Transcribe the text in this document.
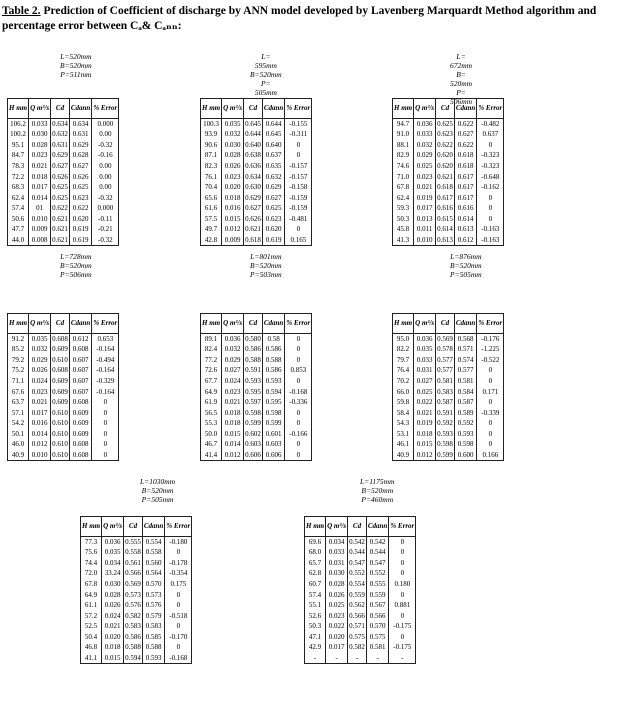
Table 2. Prediction of Coefficient of discharge by ANN model developed by Lavenberg Marquardt Method algorithm and percentage error between Cₐ& Cₐₙₙ:
L=520mm
B=520mm
P=511mm
H mm	Q m³/s	Cd	Cdann	% Error
106.2	0.033	0.634	0.634	0.000
100.2	0.030	0.632	0.631	0.00
95.1	0.028	0.631	0.629	-0.32
84.7	0.023	0.629	0.628	-0.16
78.3	0.021	0.627	0.627	0.00
72.2	0.018	0.626	0.626	0.00
68.3	0.017	0.625	0.625	0.00
62.4	0.014	0.625	0.623	-0.32
57.4	01	0.622	0.622	0.000
50.6	0.010	0.621	0.620	-0.11
47.7	0.009	0.621	0.619	-0.21
44.0	0.008	0.621	0.619	-0.32
L= 595mm
B=520mm
P= 505mm
H mm	Q m³/s	Cd	Cdann	% Error
100.3	0.035	0.645	0.644	-0.155
93.9	0.032	0.644	0.645	-0.311
90.6	0.030	0.640	0.640	0
87.1	0.028	0.638	0.637	0
82.3	0.026	0.636	0.635	-0.157
76.1	0.023	0.634	0.632	-0.157
70.4	0.020	0.630	0.629	-0.158
65.6	0.018	0.629	0.627	-0.159
61.6	0.016	0.627	0.625	-0.159
57.5	0.015	0.626	0.623	-0.481
49.7	0.012	0.621	0.620	0
42.8	0.009	0.618	0.619	0.165
L= 672mm
B= 520mm
P= 506mm
H mm	Q m³/s	Cd	Cdann	% Error
94.7	0.036	0.625	0.622	-0.482
91.0	0.033	0.623	0.627	0.637
88.1	0.032	0.622	0.622	0
82.9	0.029	0.620	0.618	-0.323
74.6	0.025	0.620	0.618	-0.323
71.0	0.023	0.621	0.617	-0.648
67.8	0.021	0.618	0.617	-0.162
62.4	0.019	0.617	0.617	0
59.3	0.017	0.616	0.616	0
50.3	0.013	0.615	0.614	0
45.8	0.011	0.614	0.613	-0.163
41.3	0.010	0.613	0.612	-0.163
L=728mm
B=520mm
P=506mm
H mm	Q m³/s	Cd	Cdann	% Error
91.2	0.035	0.608	0.612	0.653
85.2	0.032	0.609	0.608	-0.164
79.2	0.029	0.610	0.607	-0.494
75.2	0.026	0.608	0.607	-0.164
71.1	0.024	0.609	0.607	-0.329
67.6	0.023	0.609	0.607	-0.164
63.7	0.021	0.609	0.608	0
57.1	0.017	0.610	0.609	0
54.2	0.016	0.610	0.609	0
50.1	0.014	0.610	0.609	0
46.0	0.012	0.610	0.608	0
40.9	0.010	0.610	0.608	0
L=801mm
B=520mm
P=503mm
H mm	Q m³/s	Cd	Cdann	% Error
89.1	0.036	0.580	0.58	0
82.4	0.032	0.586	0.586	0
77.2	0.029	0.588	0.588	0
72.6	0.027	0.591	0.586	0.853
67.7	0.024	0.593	0.593	0
64.9	0.023	0.595	0.594	-0.168
61.9	0.021	0.597	0.595	-0.336
56.5	0.018	0.598	0.598	0
55.3	0.018	0.599	0.599	0
50.0	0.015	0.602	0.601	-0.166
46.7	0.014	0.603	0.603	0
41.4	0.012	0.606	0.606	0
L=876mm
B=520mm
P=505mm
H mm	Q m³/s	Cd	Cdann	% Error
95.0	0.036	0.569	0.568	-0.176
82.2	0.035	0.578	0.571	-1.225
79.7	0.033	0.577	0.574	-0.522
76.4	0.031	0.577	0.577	0
70.2	0.027	0.581	0.581	0
66.0	0.025	0.583	0.584	0.171
59.8	0.022	0.587	0.587	0
58.4	0.021	0.591	0.589	-0.339
54.3	0.019	0.592	0.592	0
53.1	0.018	0.593	0.593	0
46.1	0.015	0.598	0.598	0
40.9	0.012	0.599	0.600	0.166
L=1030mm
B=520mm
P=505mm
H mm	Q m³/s	Cd	Cdann	% Error
77.3	0.036	0.555	0.554	-0.180
75.6	0.035	0.558	0.558	0
74.4	0.034	0.561	0.560	-0.178
72.0	33.24	0.566	0.564	-0.354
67.8	0.030	0.569	0.570	0.175
64.9	0.028	0.573	0.573	0
61.1	0.026	0.576	0.576	0
57.2	0.024	0.582	0.579	-0.518
52.5	0.021	0.583	0.583	0
50.4	0.020	0.586	0.585	-0.170
46.8	0.018	0.588	0.588	0
41.1	0.015	0.594	0.593	-0.168
L=1175mm
B=520mm
P=460mm
H mm	Q m³/s	Cd	Cdann	% Error
69.6	0.034	0.542	0.542	0
68.0	0.033	0.544	0.544	0
65.7	0.031	0.547	0.547	0
62.8	0.030	0.552	0.552	0
60.7	0.028	0.554	0.555	0.180
57.4	0.026	0.559	0.559	0
55.1	0.025	0.562	0.567	0.881
52.6	0.023	0.566	0.566	0
50.3	0.022	0.571	0.570	-0.175
47.1	0.020	0.575	0.575	0
42.9	0.017	0.582	0.581	-0.175
-	-	-	-	-
